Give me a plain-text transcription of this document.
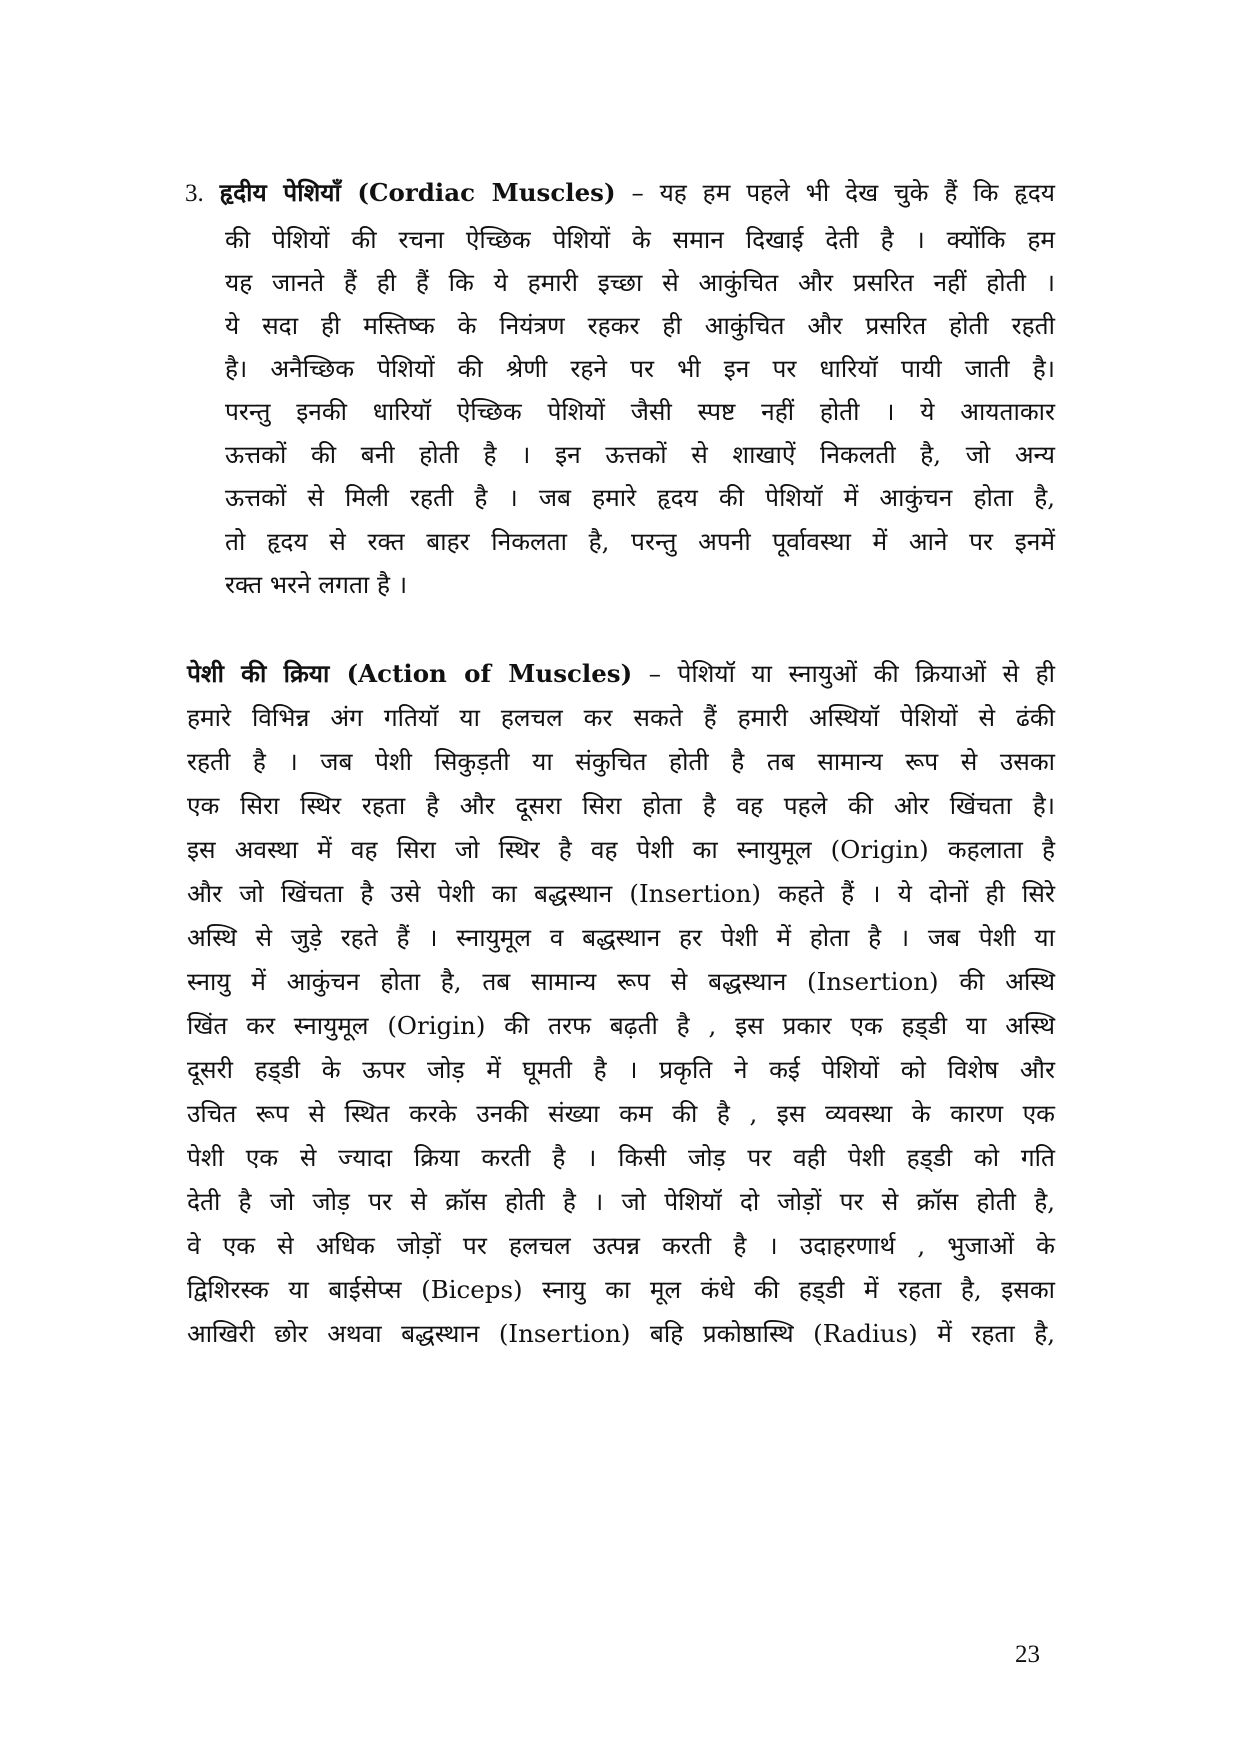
3. हृदीय पेशियाँ (Cordiac Muscles) – यह हम पहले भी देख चुके हैं कि हृदय
की पेशियों की रचना ऐच्छिक पेशियों के समान दिखाई देती है । क्योंकि हम
यह जानते हैं ही हैं कि ये हमारी इच्छा से आकुंचित और प्रसरित नहीं होती ।
ये सदा ही मस्तिष्क के नियंत्रण रहकर ही आकुंचित और प्रसरित होती रहती
है। अनैच्छिक पेशियों की श्रेणी रहने पर भी इन पर धारियॉ पायी जाती है।
परन्तु इनकी धारियॉ ऐच्छिक पेशियों जैसी स्पष्ट नहीं होती । ये आयताकार
ऊत्तकों की बनी होती है । इन ऊत्तकों से शाखाऐं निकलती है, जो अन्य
ऊत्तकों से मिली रहती है । जब हमारे हृदय की पेशियॉ में आकुंचन होता है,
तो हृदय से रक्त बाहर निकलता है, परन्तु अपनी पूर्वावस्था में आने पर इनमें
रक्त भरने लगता है ।
पेशी की क्रिया (Action of Muscles) – पेशियॉ या स्नायुओं की क्रियाओं से ही
हमारे विभिन्न अंग गतियॉ या हलचल कर सकते हैं हमारी अस्थियॉ पेशियों से ढंकी
रहती है । जब पेशी सिकुड़ती या संकुचित होती है तब सामान्य रूप से उसका
एक सिरा स्थिर रहता है और दूसरा सिरा होता है वह पहले की ओर खिंचता है।
इस अवस्था में वह सिरा जो स्थिर है वह पेशी का स्नायुमूल (Origin) कहलाता है
और जो खिंचता है उसे पेशी का बद्धस्थान (Insertion) कहते हैं । ये दोनों ही सिरे
अस्थि से जुड़े रहते हैं । स्नायुमूल व बद्धस्थान हर पेशी में होता है । जब पेशी या
स्नायु में आकुंचन होता है, तब सामान्य रूप से बद्धस्थान (Insertion) की अस्थि
खिंत कर स्नायुमूल (Origin) की तरफ बढ़ती है , इस प्रकार एक हड्‌डी या अस्थि
दूसरी हड्‌डी के ऊपर जोड़ में घूमती है । प्रकृति ने कई पेशियों को विशेष और
उचित रूप से स्थित करके उनकी संख्या कम की है , इस व्यवस्था के कारण एक
पेशी एक से ज्यादा क्रिया करती है । किसी जोड़ पर वही पेशी हड्‌डी को गति
देती है जो जोड़ पर से क्रॉस होती है । जो पेशियॉ दो जोड़ों पर से क्रॉस होती है,
वे एक से अधिक जोड़ों पर हलचल उत्पन्न करती है । उदाहरणार्थ , भुजाओं के
द्विशिरस्क या बाईसेप्स (Biceps) स्नायु का मूल कंधे की हड्‌डी में रहता है, इसका
आखिरी छोर अथवा बद्धस्थान (Insertion) बहि प्रकोष्ठास्थि (Radius) में रहता है,
23
